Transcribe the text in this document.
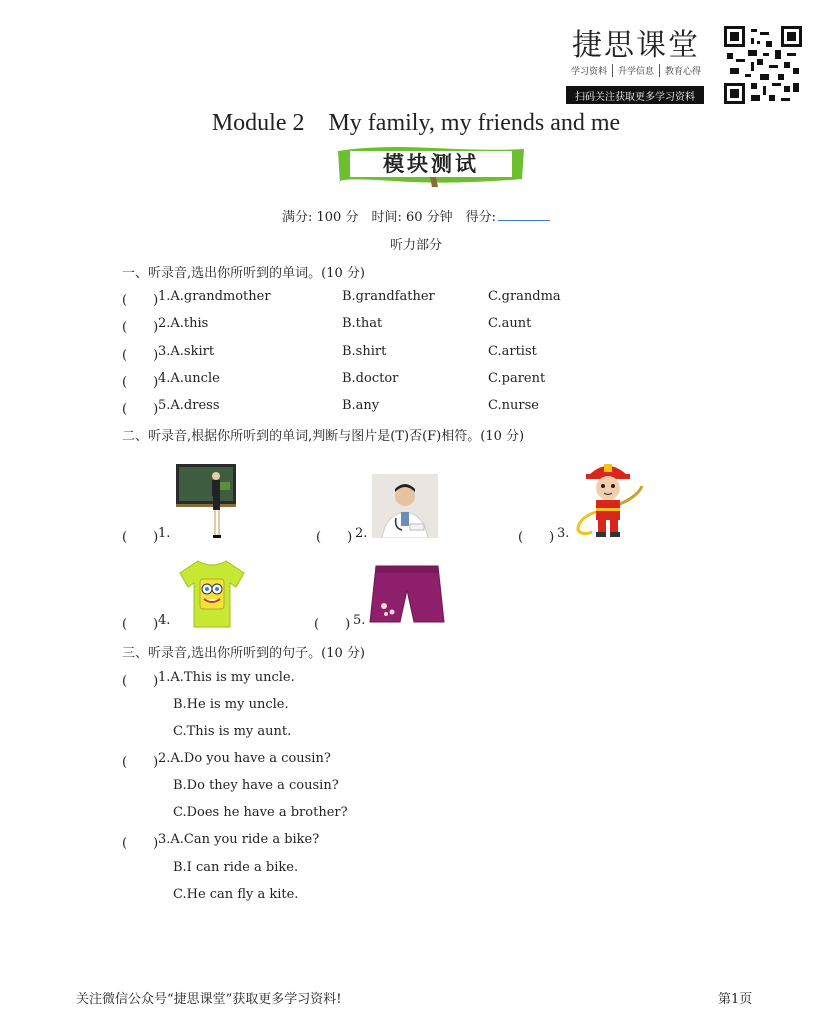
捷思课堂
学习资料	升学信息	教育心得
扫码关注获取更多学习资料
Module 2　My family, my friends and me
模块测试
满分: 100 分　时间: 60 分钟　得分:
听力部分
一、听录音,选出你所听到的单词。(10 分)
(　　) 1.A.grandmother	B.grandfather	C.grandma
(　　) 2.A.this	B.that	C.aunt
(　　) 3.A.skirt	B.shirt	C.artist
(　　) 4.A.uncle	B.doctor	C.parent
(　　) 5.A.dress	B.any	C.nurse
二、听录音,根据你所听到的单词,判断与图片是(T)否(F)相符。(10 分)
(　　) 1.	(　　) 2.	(　　) 3.
(　　) 4.	(　　) 5.
三、听录音,选出你所听到的句子。(10 分)
(　　) 1.A.This is my uncle.
B.He is my uncle.
C.This is my aunt.
(　　) 2.A.Do you have a cousin?
B.Do they have a cousin?
C.Does he have a brother?
(　　) 3.A.Can you ride a bike?
B.I can ride a bike.
C.He can fly a kite.
关注微信公众号“捷思课堂”获取更多学习资料!	第1页
